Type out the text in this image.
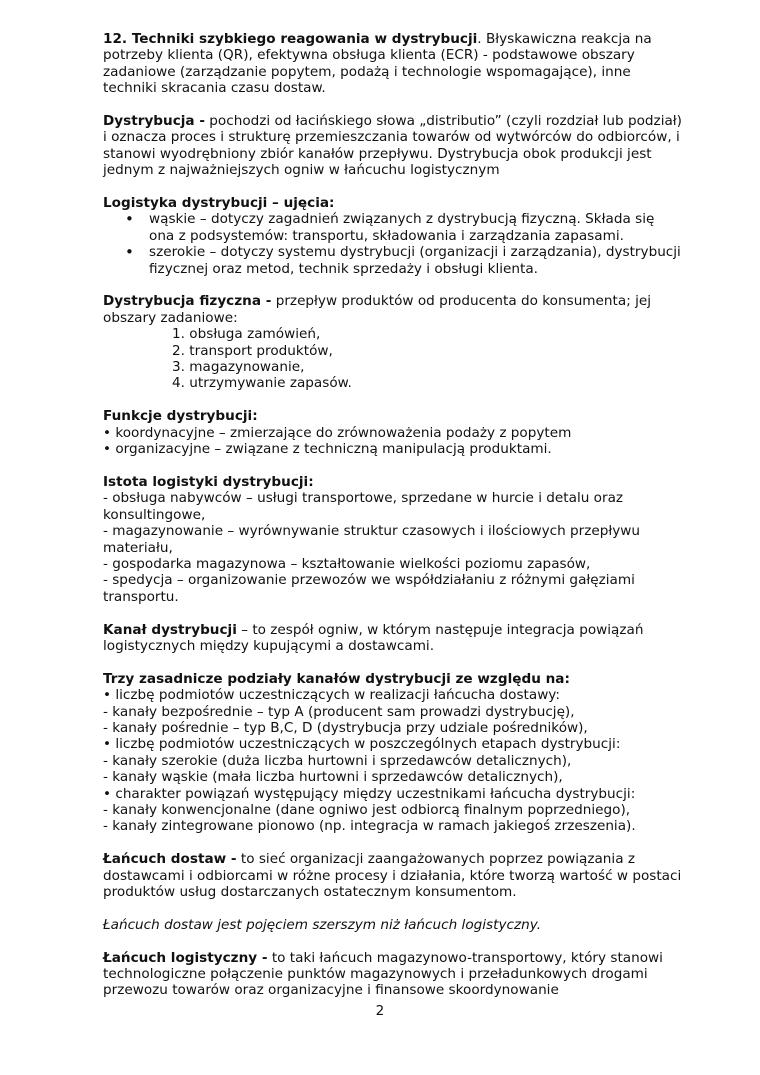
12. Techniki szybkiego reagowania w dystrybucji. Błyskawiczna reakcja na potrzeby klienta (QR), efektywna obsługa klienta (ECR) - podstawowe obszary zadaniowe (zarządzanie popytem, podażą i technologie wspomagające), inne techniki skracania czasu dostaw.

Dystrybucja - pochodzi od łacińskiego słowa „distributio” (czyli rozdział lub podział) i oznacza proces i strukturę przemieszczania towarów od wytwórców do odbiorców, i stanowi wyodrębniony zbiór kanałów przepływu. Dystrybucja obok produkcji jest jednym z najważniejszych ogniw w łańcuchu logistycznym

Logistyka dystrybucji – ujęcia:

• wąskie – dotyczy zagadnień związanych z dystrybucją fizyczną. Składa się ona z podsystemów: transportu, składowania i zarządzania zapasami.
• szerokie – dotyczy systemu dystrybucji (organizacji i zarządzania), dystrybucji fizycznej oraz metod, technik sprzedaży i obsługi klienta.

Dystrybucja fizyczna - przepływ produktów od producenta do konsumenta; jej obszary zadaniowe:

1. obsługa zamówień,
2. transport produktów,
3. magazynowanie,
4. utrzymywanie zapasów.

Funkcje dystrybucji:

• koordynacyjne – zmierzające do zrównoważenia podaży z popytem

• organizacyjne – związane z techniczną manipulacją produktami.

Istota logistyki dystrybucji:

- obsługa nabywców – usługi transportowe, sprzedane w hurcie i detalu oraz konsultingowe,

- magazynowanie – wyrównywanie struktur czasowych i ilościowych przepływu materiału,

- gospodarka magazynowa – kształtowanie wielkości poziomu zapasów,

- spedycja – organizowanie przewozów we współdziałaniu z różnymi gałęziami transportu.

Kanał dystrybucji – to zespół ogniw, w którym następuje integracja powiązań logistycznych między kupującymi a dostawcami.

Trzy zasadnicze podziały kanałów dystrybucji ze względu na:

• liczbę podmiotów uczestniczących w realizacji łańcucha dostawy:

- kanały bezpośrednie – typ A (producent sam prowadzi dystrybucję),

- kanały pośrednie – typ B,C, D (dystrybucja przy udziale pośredników),

• liczbę podmiotów uczestniczących w poszczególnych etapach dystrybucji:

- kanały szerokie (duża liczba hurtowni i sprzedawców detalicznych),

- kanały wąskie (mała liczba hurtowni i sprzedawców detalicznych),

• charakter powiązań występujący między uczestnikami łańcucha dystrybucji:

- kanały konwencjonalne (dane ogniwo jest odbiorcą finalnym poprzedniego),

- kanały zintegrowane pionowo (np. integracja w ramach jakiegoś zrzeszenia).

Łańcuch dostaw - to sieć organizacji zaangażowanych poprzez powiązania z dostawcami i odbiorcami w różne procesy i działania, które tworzą wartość w postaci produktów usług dostarczanych ostatecznym konsumentom.

Łańcuch dostaw jest pojęciem szerszym niż łańcuch logistyczny.

Łańcuch logistyczny - to taki łańcuch magazynowo-transportowy, który stanowi technologiczne połączenie punktów magazynowych i przeładunkowych drogami przewozu towarów oraz organizacyjne i finansowe skoordynowanie

2
